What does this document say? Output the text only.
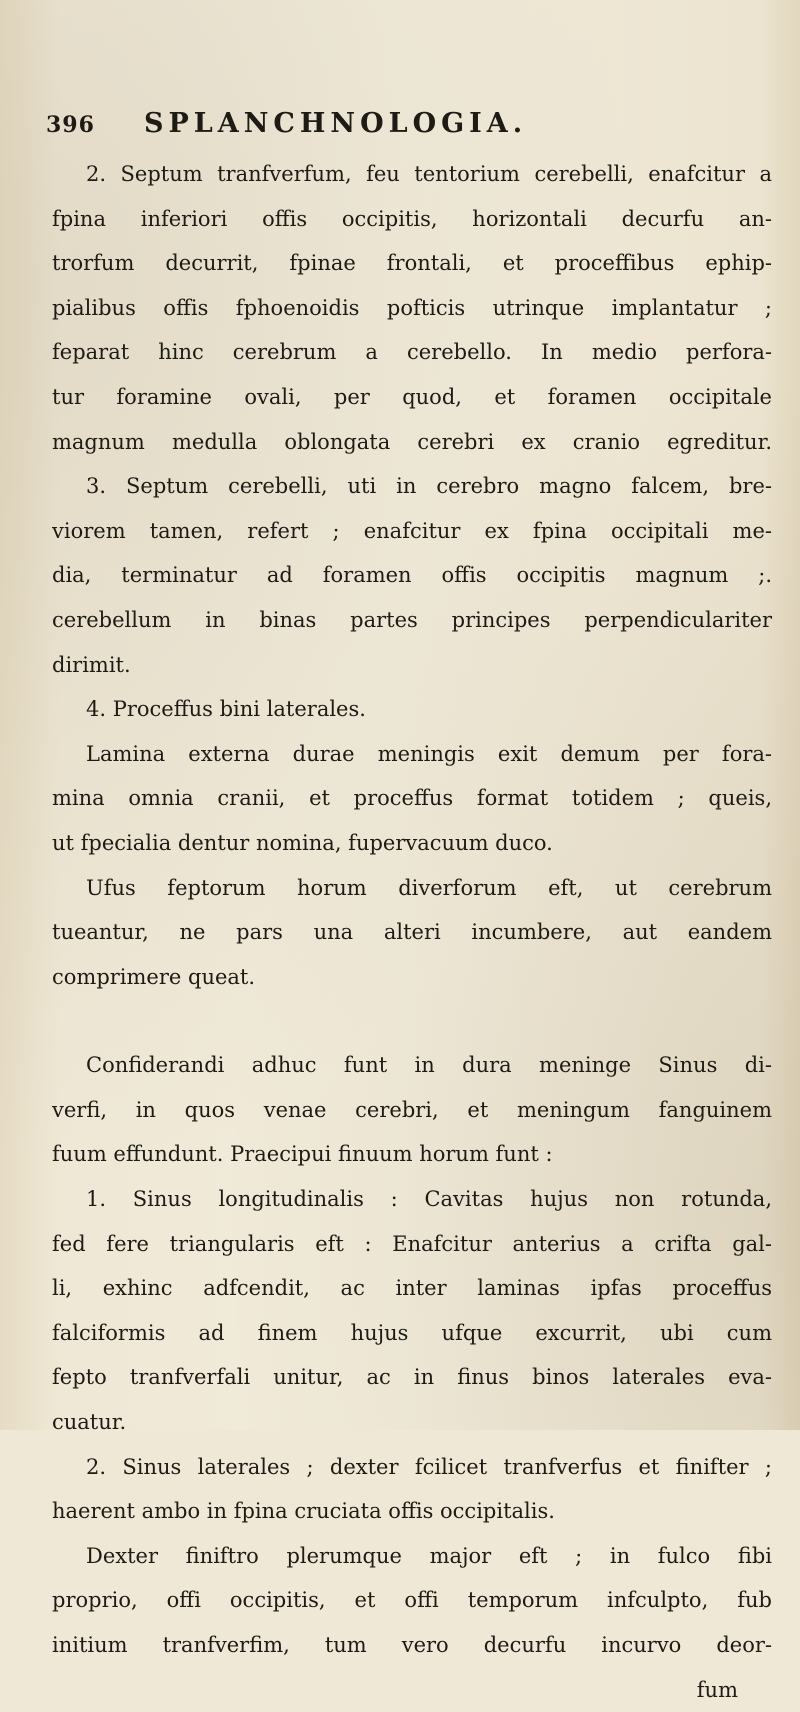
396 SPLANCHNOLOGIA.
2. Septum tranfverfum, feu tentorium cerebelli, enafcitur a
fpina inferiori offis occipitis, horizontali decurfu an-
trorfum decurrit, fpinae frontali, et proceffibus ephip-
pialibus offis fphoenoidis pofticis utrinque implantatur ;
feparat hinc cerebrum a cerebello. In medio perfora-
tur foramine ovali, per quod, et foramen occipitale
magnum medulla oblongata cerebri ex cranio egreditur.
3. Septum cerebelli, uti in cerebro magno falcem, bre-
viorem tamen, refert ; enafcitur ex fpina occipitali me-
dia, terminatur ad foramen offis occipitis magnum ;.
cerebellum in binas partes principes perpendiculariter
dirimit.
4. Proceffus bini laterales.
Lamina externa durae meningis exit demum per fora-
mina omnia cranii, et proceffus format totidem ; queis,
ut fpecialia dentur nomina, fupervacuum duco.
Ufus feptorum horum diverforum eft, ut cerebrum
tueantur, ne pars una alteri incumbere, aut eandem
comprimere queat.
Confiderandi adhuc funt in dura meninge Sinus di-
verfi, in quos venae cerebri, et meningum fanguinem
fuum effundunt. Praecipui finuum horum funt :
1. Sinus longitudinalis : Cavitas hujus non rotunda,
fed fere triangularis eft : Enafcitur anterius a crifta gal-
li, exhinc adfcendit, ac inter laminas ipfas proceffus
falciformis ad finem hujus ufque excurrit, ubi cum
fepto tranfverfali unitur, ac in finus binos laterales eva-
cuatur.
2. Sinus laterales ; dexter fcilicet tranfverfus et finifter ;
haerent ambo in fpina cruciata offis occipitalis.
Dexter finiftro plerumque major eft ; in fulco fibi
proprio, offi occipitis, et offi temporum infculpto, fub
initium tranfverfim, tum vero decurfu incurvo deor-
fum
